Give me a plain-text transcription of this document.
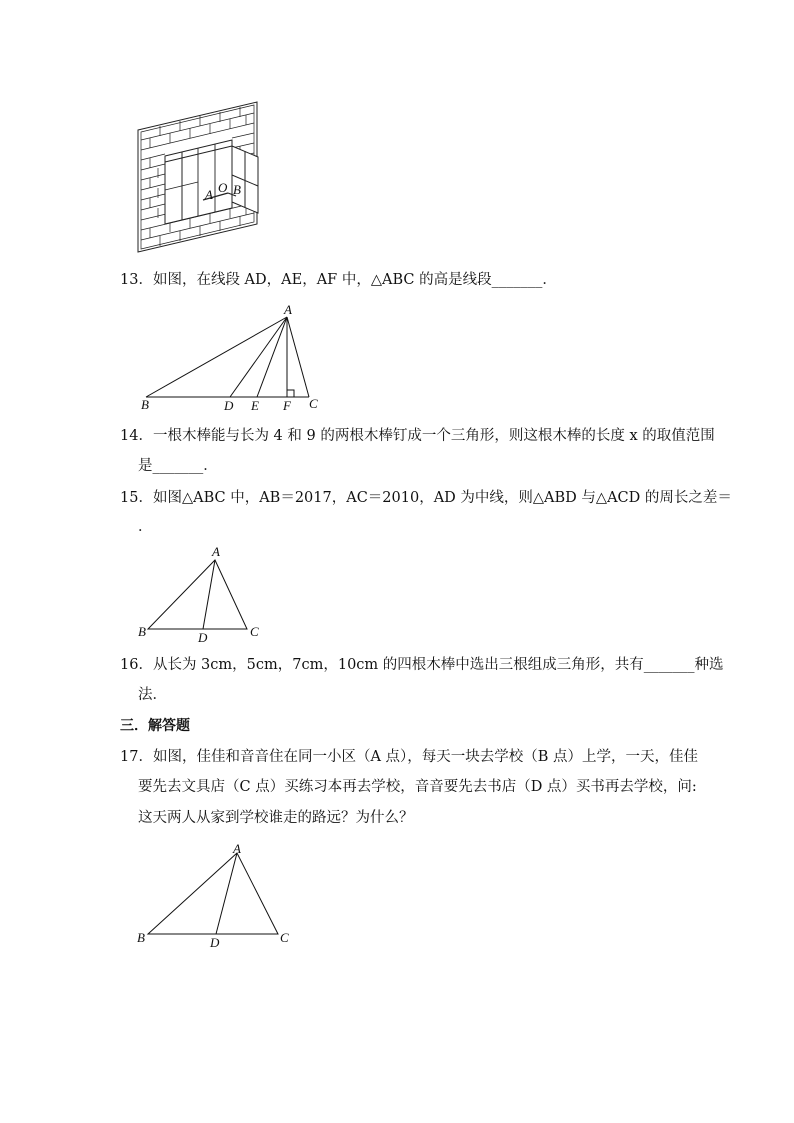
A O B
13．如图，在线段 AD，AE，AF 中，△ABC 的高是线段_______．
A
B	D E F C
14．一根木棒能与长为 4 和 9 的两根木棒钉成一个三角形，则这根木棒的长度 x 的取值范围
是_______．
15．如图△ABC 中，AB＝2017，AC＝2010，AD 为中线，则△ABD 与△ACD 的周长之差＝
．
A
B	D	C
16．从长为 3cm，5cm，7cm，10cm 的四根木棒中选出三根组成三角形，共有_______种选
法．
三．解答题
17．如图，佳佳和音音住在同一小区（A 点），每天一块去学校（B 点）上学，一天，佳佳
要先去文具店（C 点）买练习本再去学校，音音要先去书店（D 点）买书再去学校，问:
这天两人从家到学校谁走的路远？为什么？
A
B	D	C
